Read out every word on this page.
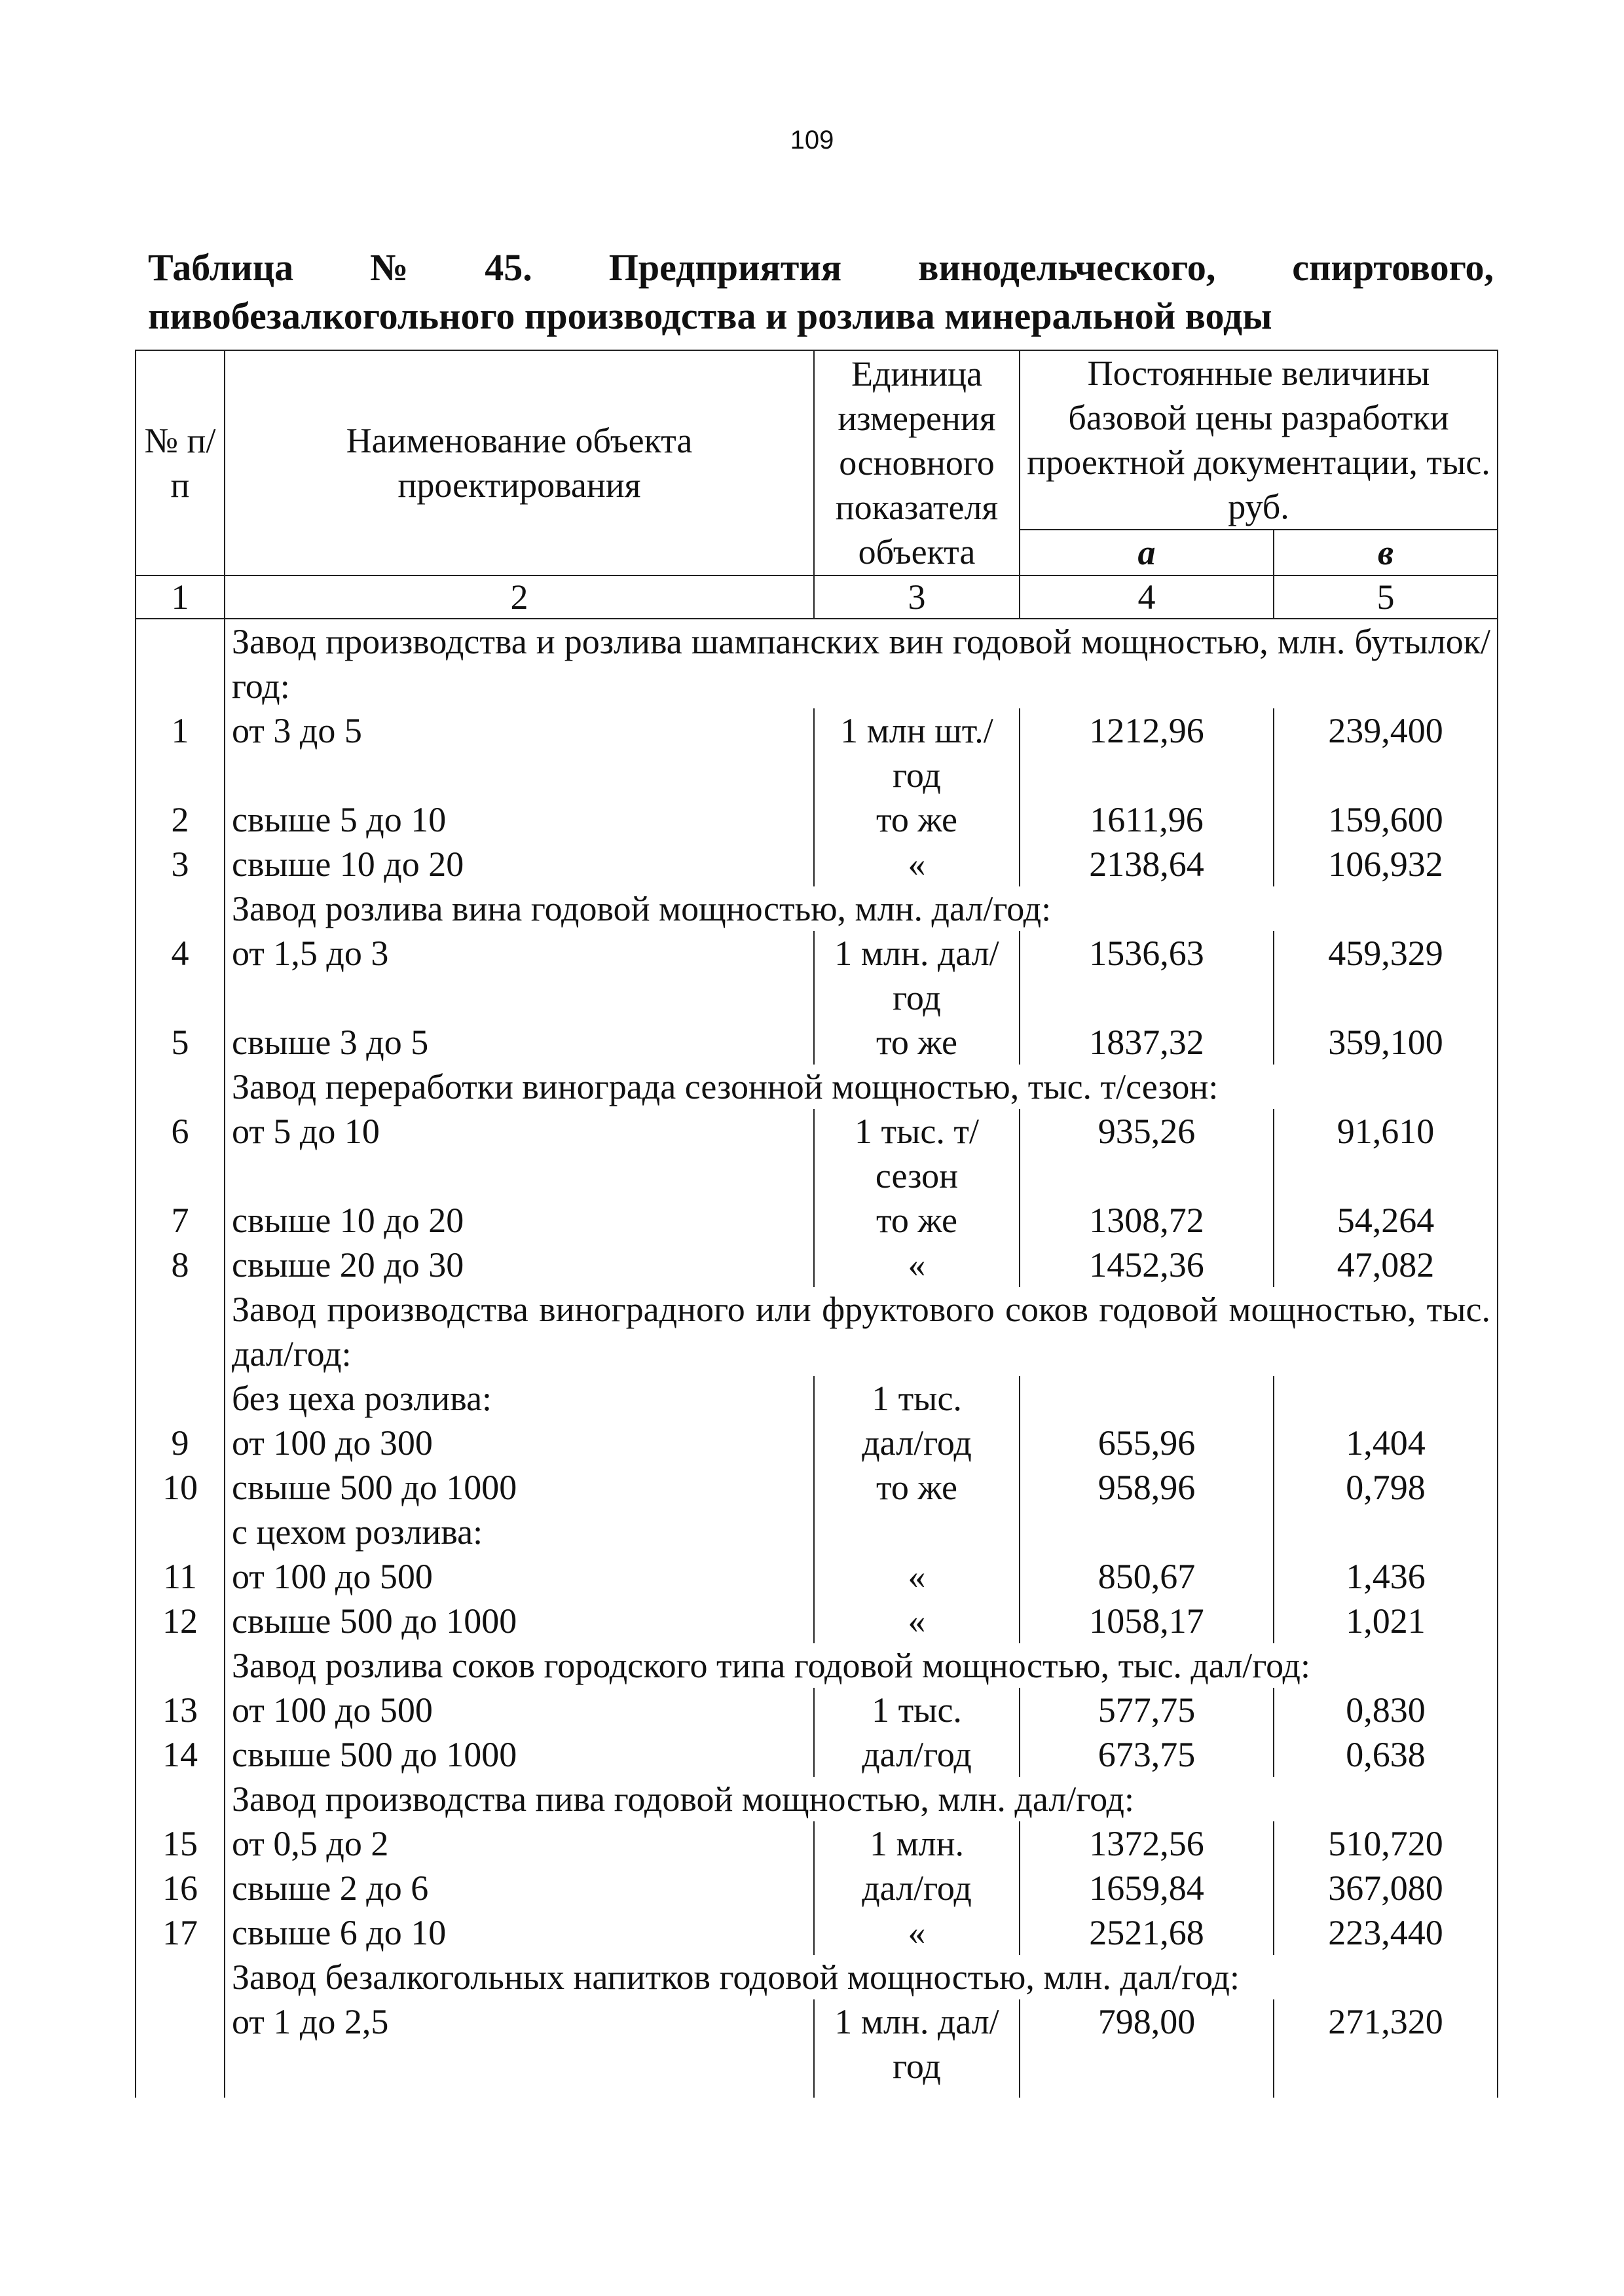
109
Таблица № 45. Предприятия винодельческого, спиртового,
пивобезалкогольного производства и розлива минеральной воды
№ п/п	Наименование объекта проектирования	Единица измерения основного показателя объекта	Постоянные величины базовой цены разработки проектной документации, тыс. руб.	
			а	в
1	2	3	4	5
	Завод производства и розлива шампанских вин годовой мощностью, млн. бутылок/год:			
1	от 3 до 5	1 млн шт./год	1212,96	239,400
2	свыше 5 до 10	то же	1611,96	159,600
3	свыше 10 до 20	«	2138,64	106,932
	Завод розлива вина годовой мощностью, млн. дал/год:			
4	от 1,5 до 3	1 млн. дал/год	1536,63	459,329
5	свыше 3 до 5	то же	1837,32	359,100
	Завод переработки винограда сезонной мощностью, тыс. т/сезон:			
6	от 5 до 10	1 тыс. т/сезон	935,26	91,610
7	свыше 10 до 20	то же	1308,72	54,264
8	свыше 20 до 30	«	1452,36	47,082
	Завод производства виноградного или фруктового соков годовой мощностью, тыс. дал/год:			
	без цеха розлива:	1 тыс.		
9	от 100 до 300	дал/год	655,96	1,404
10	свыше 500 до 1000	то же	958,96	0,798
	с цехом розлива:			
11	от 100 до 500	«	850,67	1,436
12	свыше 500 до 1000	«	1058,17	1,021
	Завод розлива соков городского типа годовой мощностью, тыс. дал/год:			
13	от 100 до 500	1 тыс.	577,75	0,830
14	свыше 500 до 1000	дал/год	673,75	0,638
	Завод производства пива годовой мощностью, млн. дал/год:			
15	от 0,5 до 2	1 млн.	1372,56	510,720
16	свыше 2 до 6	дал/год	1659,84	367,080
17	свыше 6 до 10	«	2521,68	223,440
	Завод безалкогольных напитков годовой мощностью, млн. дал/год:			
	от 1 до 2,5	1 млн. дал/год	798,00	271,320
